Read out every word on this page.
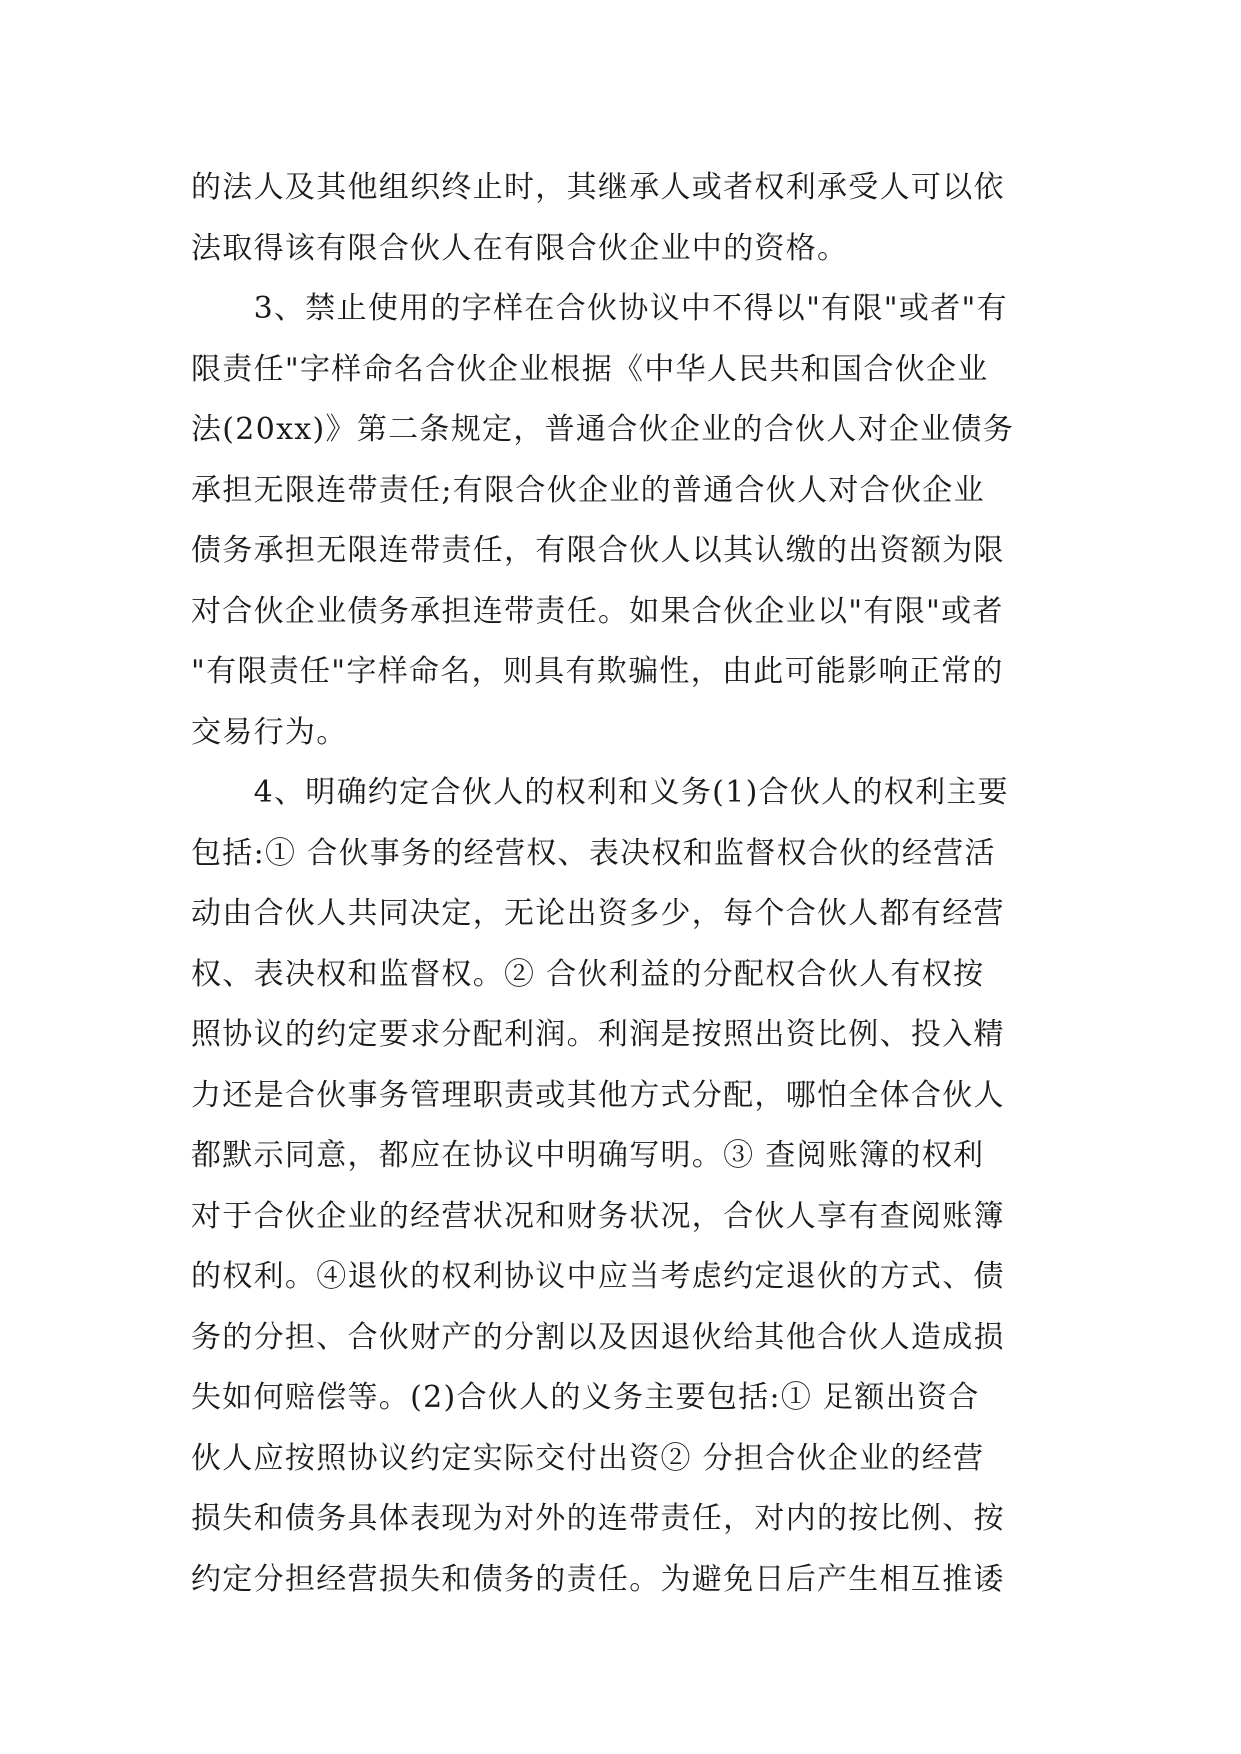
的法人及其他组织终止时，其继承人或者权利承受人可以依
法取得该有限合伙人在有限合伙企业中的资格。
　　3、禁止使用的字样在合伙协议中不得以"有限"或者"有
限责任"字样命名合伙企业根据《中华人民共和国合伙企业
法(20xx)》第二条规定，普通合伙企业的合伙人对企业债务
承担无限连带责任;有限合伙企业的普通合伙人对合伙企业
债务承担无限连带责任，有限合伙人以其认缴的出资额为限
对合伙企业债务承担连带责任。如果合伙企业以"有限"或者
"有限责任"字样命名，则具有欺骗性，由此可能影响正常的
交易行为。
　　4、明确约定合伙人的权利和义务(1)合伙人的权利主要
包括:① 合伙事务的经营权、表决权和监督权合伙的经营活
动由合伙人共同决定，无论出资多少，每个合伙人都有经营
权、表决权和监督权。② 合伙利益的分配权合伙人有权按
照协议的约定要求分配利润。利润是按照出资比例、投入精
力还是合伙事务管理职责或其他方式分配，哪怕全体合伙人
都默示同意，都应在协议中明确写明。③ 查阅账簿的权利
对于合伙企业的经营状况和财务状况，合伙人享有查阅账簿
的权利。④退伙的权利协议中应当考虑约定退伙的方式、债
务的分担、合伙财产的分割以及因退伙给其他合伙人造成损
失如何赔偿等。(2)合伙人的义务主要包括:① 足额出资合
伙人应按照协议约定实际交付出资② 分担合伙企业的经营
损失和债务具体表现为对外的连带责任，对内的按比例、按
约定分担经营损失和债务的责任。为避免日后产生相互推诿
